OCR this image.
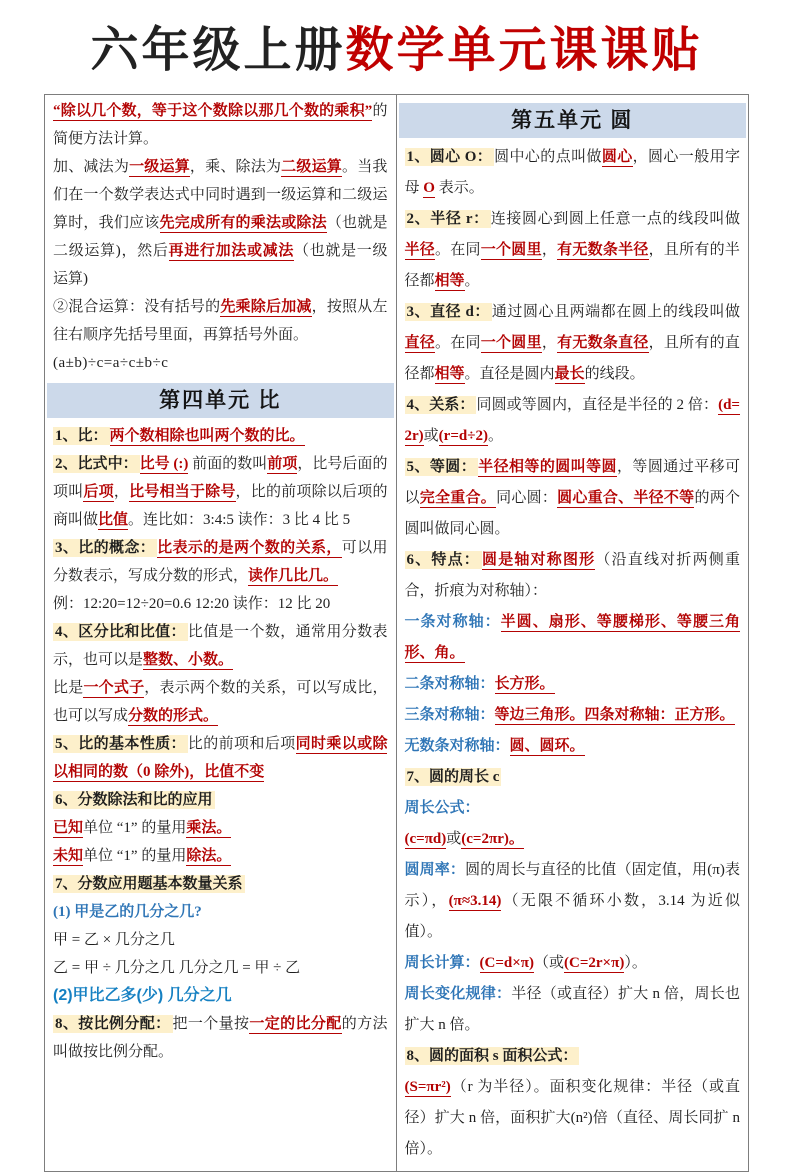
六年级上册数学单元课课贴
“除以几个数，等于这个数除以那几个数的乘积”的简便方法计算。
加、减法为一级运算，乘、除法为二级运算。当我们在一个数学表达式中同时遇到一级运算和二级运算时，我们应该先完成所有的乘法或除法（也就是二级运算)，然后再进行加法或减法（也就是一级运算)
②混合运算：没有括号的先乘除后加减，按照从左往右顺序先括号里面，再算括号外面。
(a±b)÷c=a÷c±b÷c
第四单元 比
1、比： 两个数相除也叫两个数的比。
2、比式中： 比号 (:) 前面的数叫前项，比号后面的项叫后项，比号相当于除号，比的前项除以后项的商叫做比值。连比如：3:4:5 读作：3 比 4 比 5
3、比的概念： 比表示的是两个数的关系，可以用分数表示，写成分数的形式，读作几比几。
例：12:20=12÷20=0.6 12:20 读作：12 比 20
4、区分比和比值： 比值是一个数，通常用分数表示，也可以是整数、小数。
比是一个式子，表示两个数的关系，可以写成比，也可以写成分数的形式。
5、比的基本性质： 比的前项和后项同时乘以或除以相同的数（0 除外)，比值不变
6、分数除法和比的应用
已知单位 “1” 的量用乘法。
未知单位 “1” 的量用除法。
7、分数应用题基本数量关系
(1) 甲是乙的几分之几?
甲 = 乙 × 几分之几
乙 = 甲 ÷ 几分之几 几分之几 = 甲 ÷ 乙
(2)甲比乙多(少) 几分之几
8、按比例分配： 把一个量按一定的比分配的方法叫做按比例分配。
第五单元 圆
1、圆心 O： 圆中心的点叫做圆心，圆心一般用字母 O 表示。
2、半径 r： 连接圆心到圆上任意一点的线段叫做半径。在同一个圆里，有无数条半径，且所有的半径都相等。
3、直径 d： 通过圆心且两端都在圆上的线段叫做直径。在同一个圆里，有无数条直径，且所有的直径都相等。直径是圆内最长的线段。
4、关系： 同圆或等圆内，直径是半径的 2 倍：(d=2r)或(r=d÷2)。
5、等圆： 半径相等的圆叫等圆，等圆通过平移可以完全重合。同心圆：圆心重合、半径不等的两个圆叫做同心圆。
6、特点： 圆是轴对称图形（沿直线对折两侧重合，折痕为对称轴）：
一条对称轴：半圆、扇形、等腰梯形、等腰三角形、角。
二条对称轴：长方形。
三条对称轴：等边三角形。四条对称轴：正方形。
无数条对称轴：圆、圆环。
7、圆的周长 c
周长公式：
(c=πd)或(c=2πr)。
圆周率：圆的周长与直径的比值（固定值，用(π)表示），(π≈3.14)（无限不循环小数，3.14 为近似值）。
周长计算：(C=d×π)（或(C=2r×π)）。
周长变化规律：半径（或直径）扩大 n 倍，周长也扩大 n 倍。
8、圆的面积 s 面积公式：
(S=πr²)（r 为半径）。面积变化规律：半径（或直径）扩大 n 倍，面积扩大(n²)倍（直径、周长同扩 n 倍）。
